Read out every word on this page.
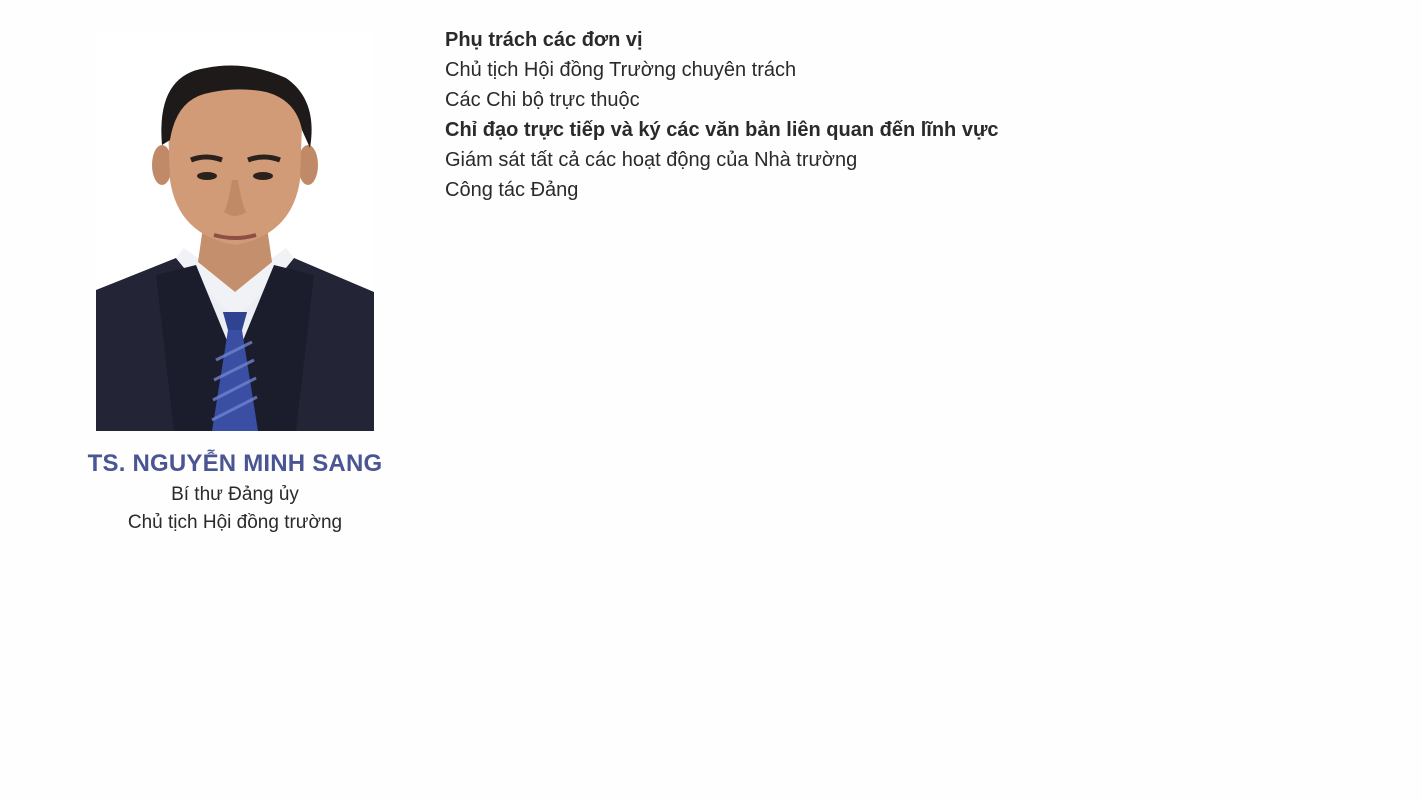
TS. NGUYỄN MINH SANG
Bí thư Đảng ủy
Chủ tịch Hội đồng trường
Phụ trách các đơn vị
Chủ tịch Hội đồng Trường chuyên trách
Các Chi bộ trực thuộc
Chỉ đạo trực tiếp và ký các văn bản liên quan đến lĩnh vực
Giám sát tất cả các hoạt động của Nhà trường
Công tác Đảng
